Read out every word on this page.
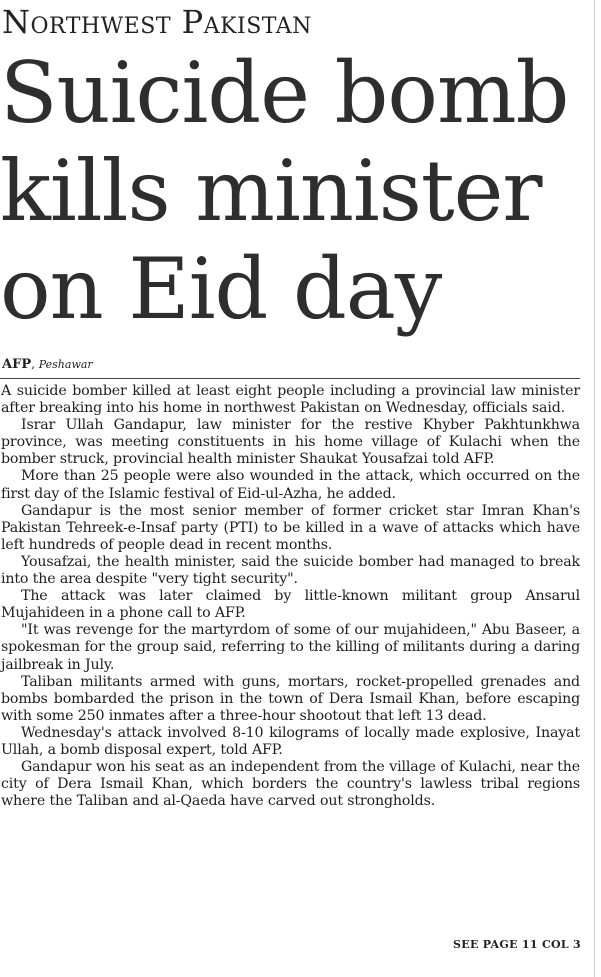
Northwest Pakistan
Suicide bomb
kills minister
on Eid day
AFP, Peshawar

A suicide bomber killed at least eight people including a provincial law minister after breaking into his home in northwest Pakistan on Wednesday, officials said.

Israr Ullah Gandapur, law minister for the restive Khyber Pakhtunkhwa province, was meeting constituents in his home village of Kulachi when the bomber struck, provincial health minister Shaukat Yousafzai told AFP.

More than 25 people were also wounded in the attack, which occurred on the first day of the Islamic festival of Eid-ul-Azha, he added.

Gandapur is the most senior member of former cricket star Imran Khan's Pakistan Tehreek-e-Insaf party (PTI) to be killed in a wave of attacks which have left hundreds of people dead in recent months.

Yousafzai, the health minister, said the suicide bomber had managed to break into the area despite "very tight security".

The attack was later claimed by little-known militant group Ansarul Mujahideen in a phone call to AFP.

"It was revenge for the martyrdom of some of our mujahideen," Abu Baseer, a spokesman for the group said, referring to the killing of militants during a daring jailbreak in July.

Taliban militants armed with guns, mortars, rocket-propelled grenades and bombs bombarded the prison in the town of Dera Ismail Khan, before escaping with some 250 inmates after a three-hour shootout that left 13 dead.

Wednesday's attack involved 8-10 kilograms of locally made explosive, Inayat Ullah, a bomb disposal expert, told AFP.

Gandapur won his seat as an independent from the village of Kulachi, near the city of Dera Ismail Khan, which borders the country's lawless tribal regions where the Taliban and al-Qaeda have carved out strongholds.

SEE PAGE 11 COL 3
